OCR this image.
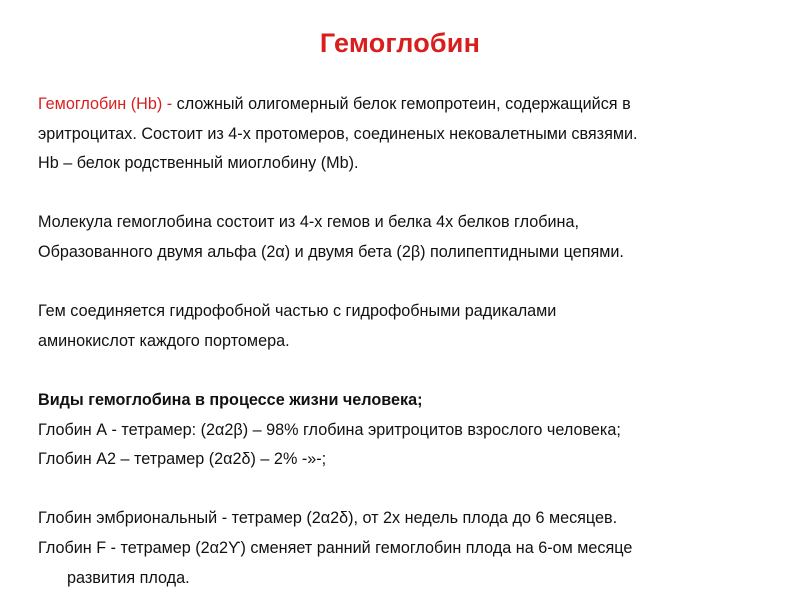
Гемоглобин
Гемоглобин (Hb) - сложный олигомерный белок гемопротеин, содержащийся в
эритроцитах. Состоит из 4-х протомеров, соединеных нековалетными связями.
Hb – белок родственный миоглобину (Mb).
Молекула гемоглобина состоит из 4-х гемов и белка 4х белков глобина,
Образованного двумя альфа (2α) и двумя бета (2β) полипептидными цепями.
Гем соединяется гидрофобной частью с гидрофобными радикалами
аминокислот каждого портомера.
Виды гемоглобина в процессе жизни человека;
Глобин А - тетрамер: (2α2β) – 98% глобина эритроцитов взрослого человека;
Глобин А2 – тетрамер (2α2δ) – 2% -»-;
Глобин эмбриональный - тетрамер (2α2δ), от 2х недель плода до 6 месяцев.
Глобин F - тетрамер (2α2ϒ) сменяет ранний гемоглобин плода на 6-ом месяце
развития плода.
